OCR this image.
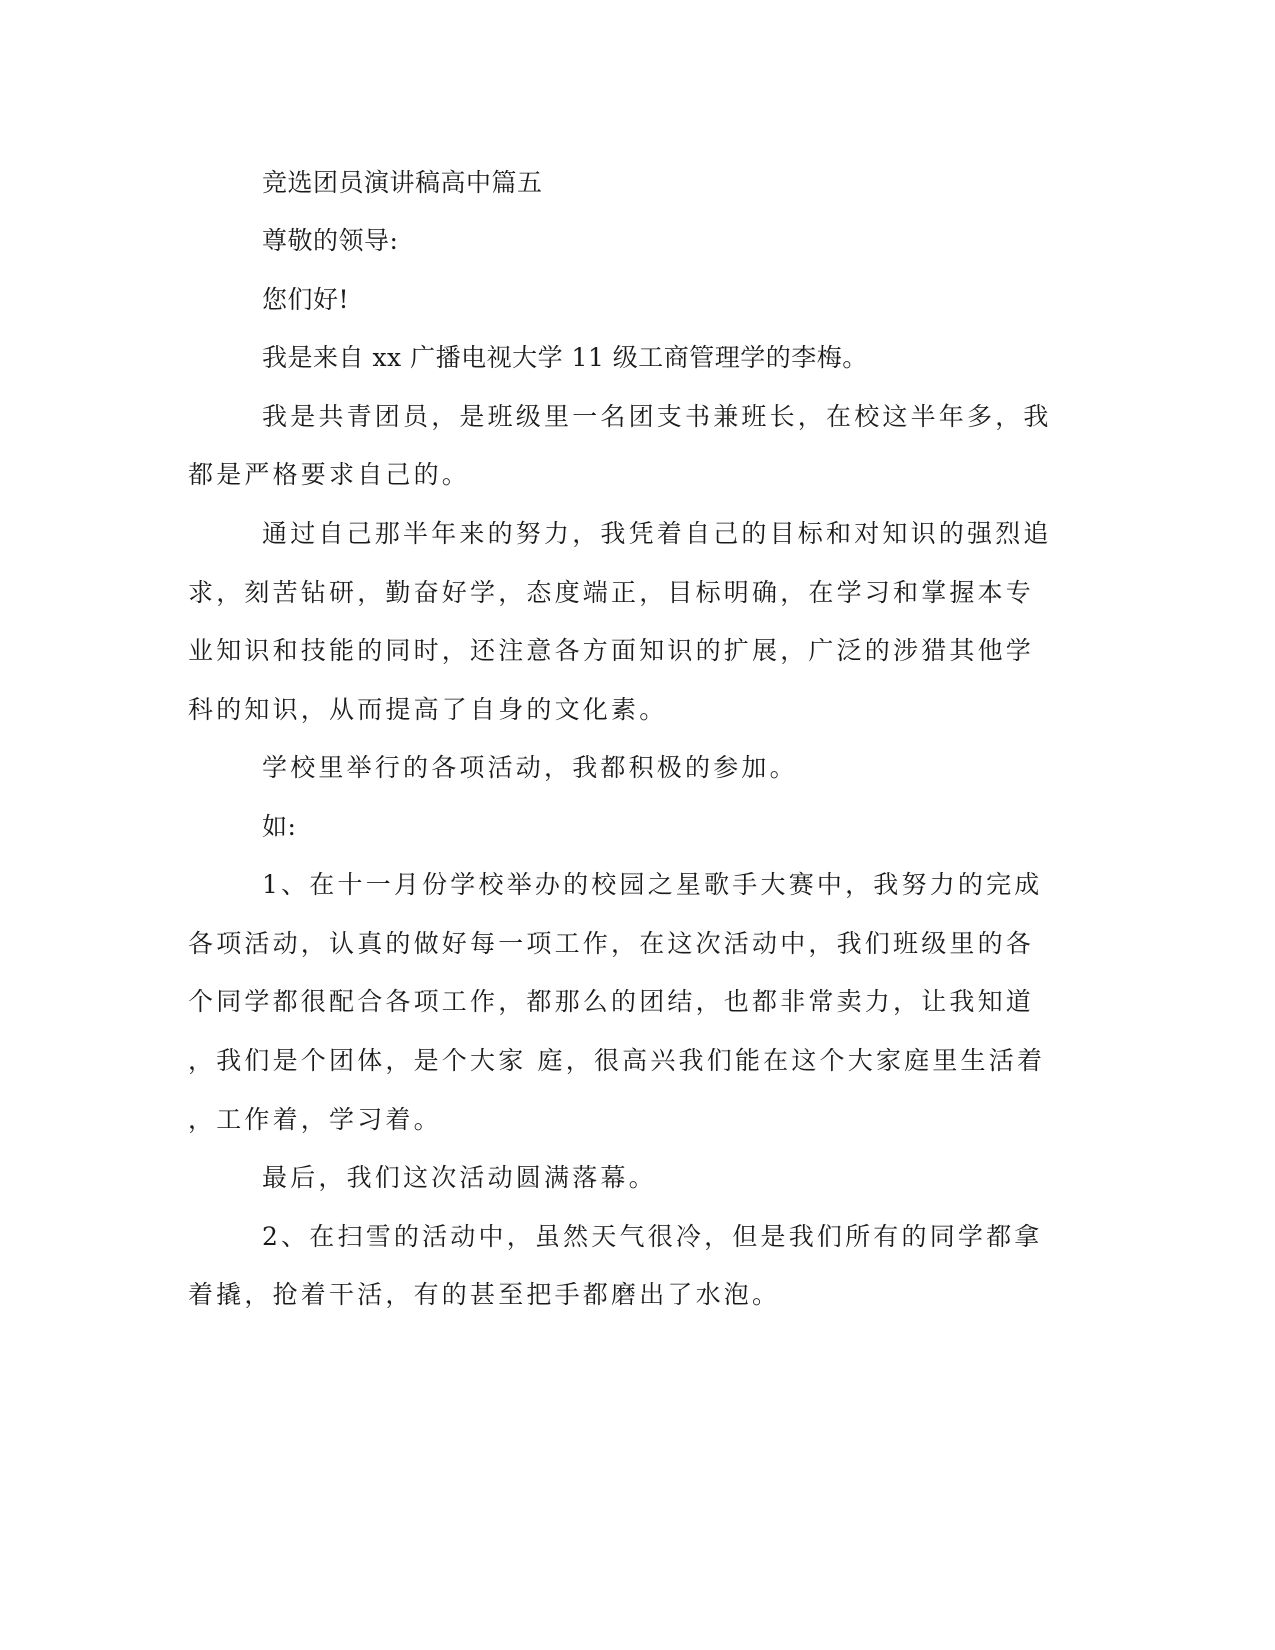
竞选团员演讲稿高中篇五
尊敬的领导:
您们好!
我是来自 xx 广播电视大学 11 级工商管理学的李梅。
我是共青团员，是班级里一名团支书兼班长，在校这半年多，我
都是严格要求自己的。
通过自己那半年来的努力，我凭着自己的目标和对知识的强烈追
求，刻苦钻研，勤奋好学，态度端正，目标明确，在学习和掌握本专
业知识和技能的同时，还注意各方面知识的扩展，广泛的涉猎其他学
科的知识，从而提高了自身的文化素。
学校里举行的各项活动，我都积极的参加。
如:
1、在十一月份学校举办的校园之星歌手大赛中，我努力的完成
各项活动，认真的做好每一项工作，在这次活动中，我们班级里的各
个同学都很配合各项工作，都那么的团结，也都非常卖力，让我知道
，我们是个团体，是个大家 庭，很高兴我们能在这个大家庭里生活着
，工作着，学习着。
最后，我们这次活动圆满落幕。
2、在扫雪的活动中，虽然天气很冷，但是我们所有的同学都拿
着撬，抢着干活，有的甚至把手都磨出了水泡。
